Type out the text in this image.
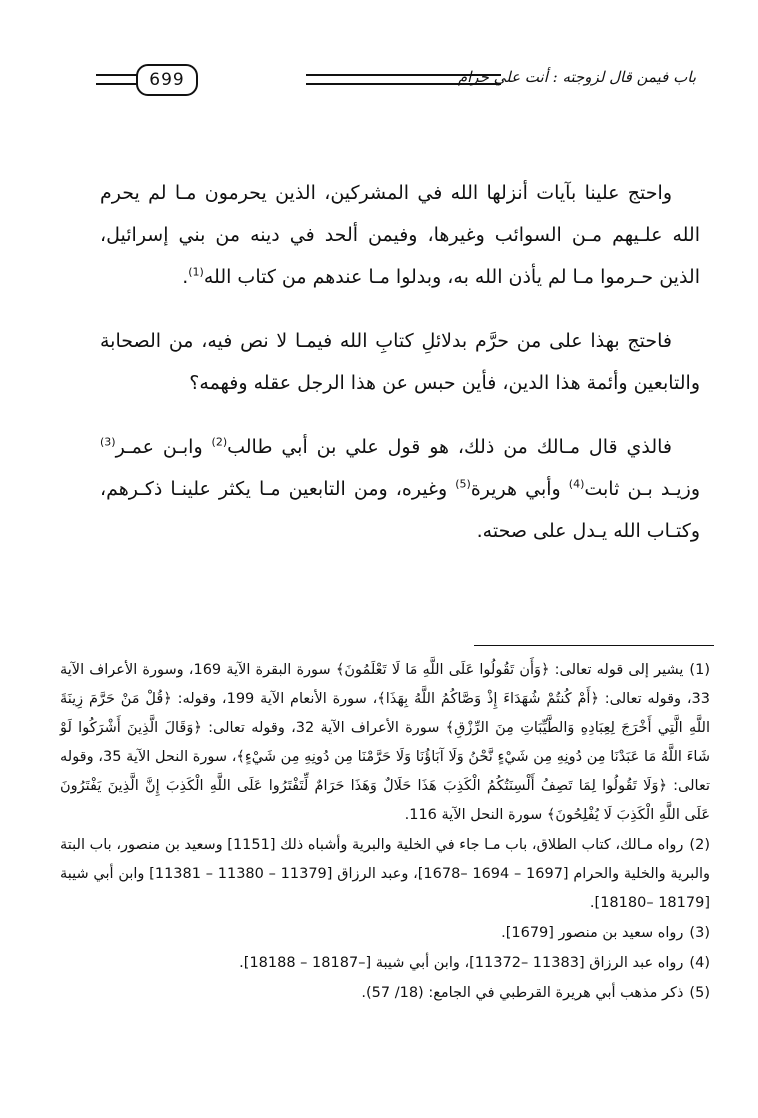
باب فيمن قال لزوجته : أنت علي حرام
699

واحتج علينا بآيات أنزلها الله في المشركين، الذين يحرمون مـا لم يحرم الله علـيهم مـن السوائب وغيرها، وفيمن ألحد في دينه من بني إسرائيل، الذين حـرموا مـا لم يأذن الله به، وبدلوا مـا عندهم من كتاب الله$^{(1)}$.

فاحتج بهذا على من حرَّم بدلائلِ كتابِ الله فيمـا لا نص فيه، من الصحابة والتابعين وأئمة هذا الدين، فأين حبس عن هذا الرجل عقله وفهمه؟

فالذي قال مـالك من ذلك، هو قول علي بن أبي طالب$^{(2)}$ وابـن عمـر$^{(3)}$ وزيـد بـن ثابت$^{(4)}$ وأبي هريرة$^{(5)}$ وغيره، ومن التابعين مـا يكثر علينـا ذكـرهم، وكتـاب الله يـدل على صحته.

(1)يشير إلى قوله تعالى: ﴿وَأَن تَقُولُوا عَلَى اللَّهِ مَا لَا تَعْلَمُونَ﴾ سورة البقرة الآية 169، وسورة الأعراف الآية 33، وقوله تعالى: ﴿أَمْ كُنتُمْ شُهَدَاءَ إِذْ وَصَّاكُمُ اللَّهُ بِهَذَا﴾، سورة الأنعام الآية 199، وقوله: ﴿قُلْ مَنْ حَرَّمَ زِينَةَ اللَّهِ الَّتِي أَخْرَجَ لِعِبَادِهِ وَالطَّيِّبَاتِ مِنَ الرِّزْقِ﴾ سورة الأعراف الآية 32، وقوله تعالى: ﴿وَقَالَ الَّذِينَ أَشْرَكُوا لَوْ شَاءَ اللَّهُ مَا عَبَدْنَا مِن دُونِهِ مِن شَيْءٍ نَّحْنُ وَلَا آبَاؤُنَا وَلَا حَرَّمْنَا مِن دُونِهِ مِن شَيْءٍ﴾، سورة النحل الآية 35، وقوله تعالى: ﴿وَلَا تَقُولُوا لِمَا تَصِفُ أَلْسِنَتُكُمُ الْكَذِبَ هَذَا حَلَالٌ وَهَذَا حَرَامٌ لِّتَفْتَرُوا عَلَى اللَّهِ الْكَذِبَ إِنَّ الَّذِينَ يَفْتَرُونَ عَلَى اللَّهِ الْكَذِبَ لَا يُفْلِحُونَ﴾ سورة النحل الآية 116.
(2)رواه مـالك، كتاب الطلاق، باب مـا جاء في الخلية والبرية وأشباه ذلك [1151] وسعيد بن منصور، باب البتة والبرية والخلية والحرام [1697 – 1694 –1678]، وعبد الرزاق [11379 – 11380 – 11381] وابن أبي شيبة [18179 –18180].
(3)رواه سعيد بن منصور [1679].
(4)رواه عبد الرزاق [11383 –11372]، وابن أبي شيبة [–18187 – 18188].
(5)ذكر مذهب أبي هريرة القرطبي في الجامع: (18/ 57).
